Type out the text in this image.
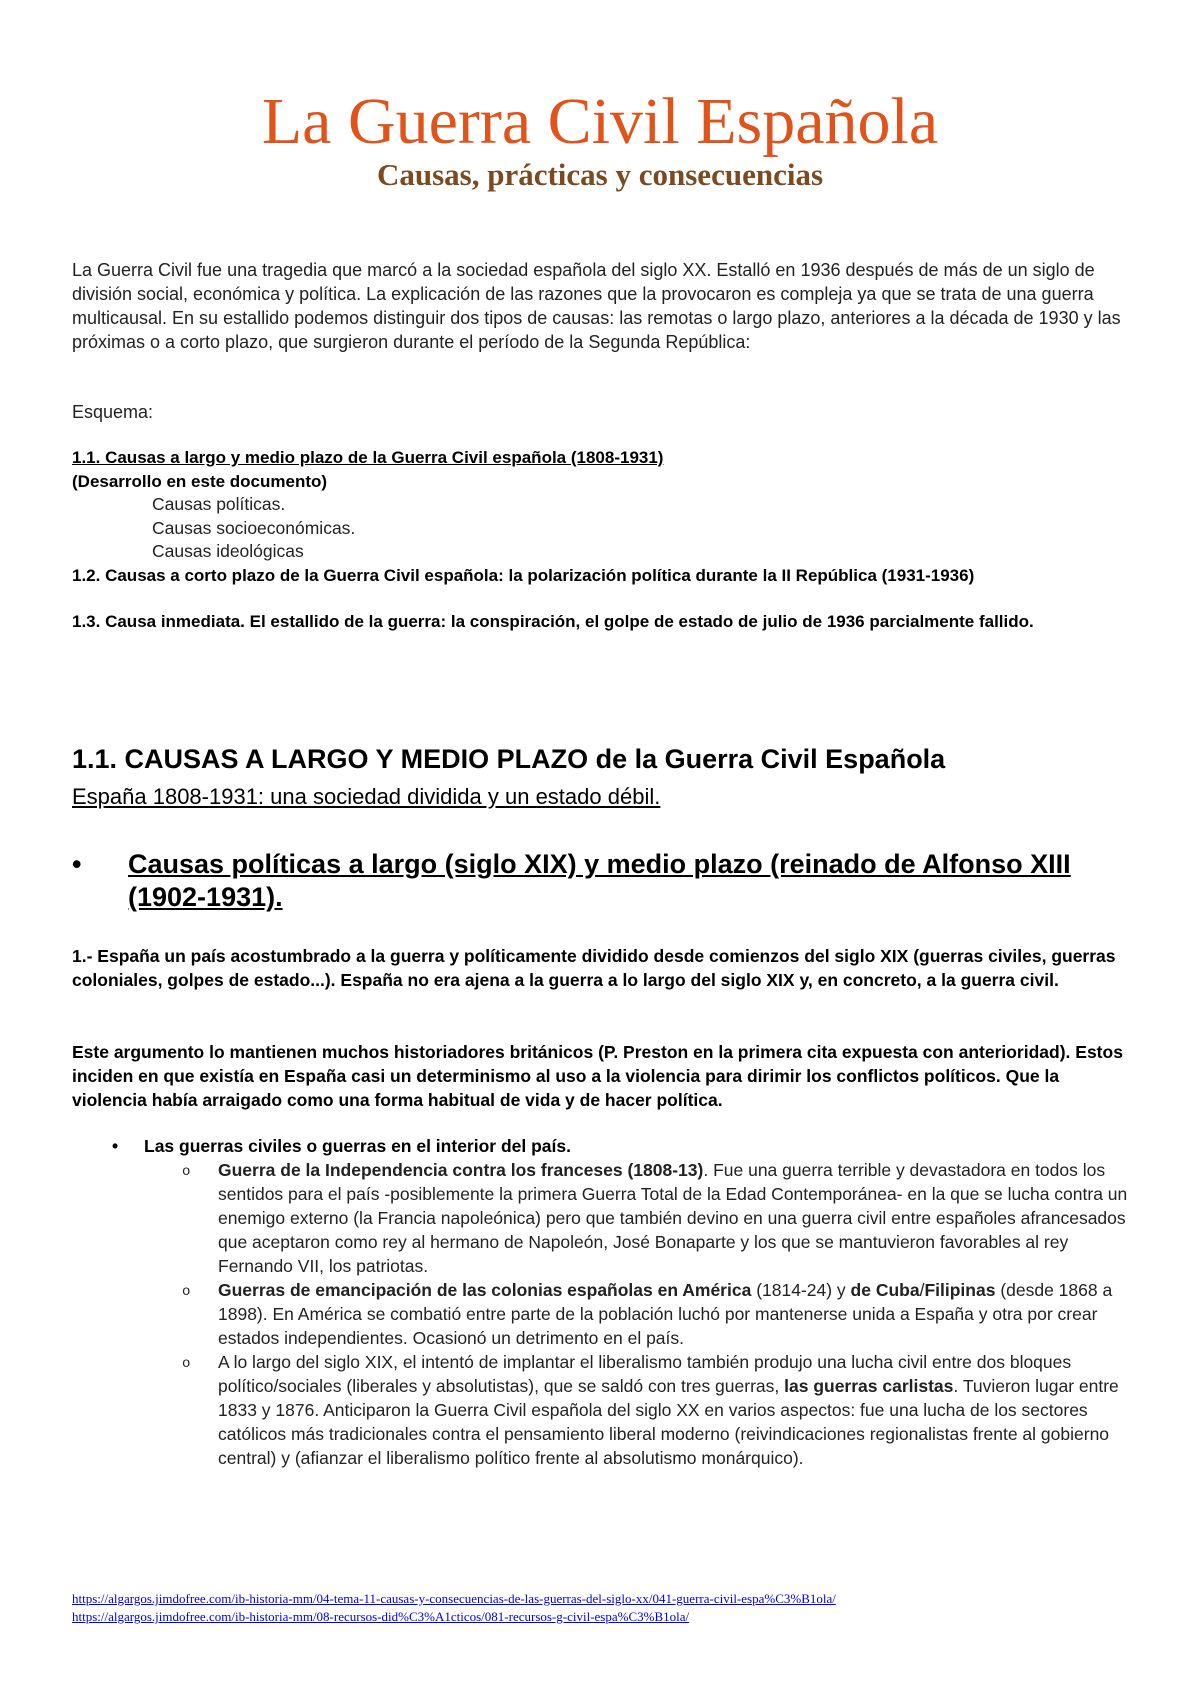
La Guerra Civil Española
Causas, prácticas y consecuencias
La Guerra Civil fue una tragedia que marcó a la sociedad española del siglo XX. Estalló en 1936 después de más de un siglo de división social, económica y política. La explicación de las razones que la provocaron es compleja ya que se trata de una guerra multicausal. En su estallido podemos distinguir dos tipos de causas: las remotas o largo plazo, anteriores a la década de 1930 y las próximas o a corto plazo, que surgieron durante el período de la Segunda República:
Esquema:
1.1. Causas a largo y medio plazo de la Guerra Civil española (1808-1931)
(Desarrollo en este documento)
Causas políticas.
Causas socioeconómicas.
Causas ideológicas
1.2. Causas a corto plazo de la Guerra Civil española: la polarización política durante la II República (1931-1936)
1.3. Causa inmediata. El estallido de la guerra: la conspiración, el golpe de estado de julio de 1936 parcialmente fallido.
1.1. CAUSAS A LARGO Y MEDIO PLAZO de la Guerra Civil Española
España 1808-1931: una sociedad dividida y un estado débil.
• Causas políticas a largo (siglo XIX) y medio plazo (reinado de Alfonso XIII (1902-1931).
1.- España un país acostumbrado a la guerra y políticamente dividido desde comienzos del siglo XIX (guerras civiles, guerras coloniales, golpes de estado...). España no era ajena a la guerra a lo largo del siglo XIX y, en concreto, a la guerra civil.
Este argumento lo mantienen muchos historiadores británicos (P. Preston en la primera cita expuesta con anterioridad). Estos inciden en que existía en España casi un determinismo al uso a la violencia para dirimir los conflictos políticos. Que la violencia había arraigado como una forma habitual de vida y de hacer política.
• Las guerras civiles o guerras en el interior del país.
o Guerra de la Independencia contra los franceses (1808-13). Fue una guerra terrible y devastadora en todos los sentidos para el país -posiblemente la primera Guerra Total de la Edad Contemporánea- en la que se lucha contra un enemigo externo (la Francia napoleónica) pero que también devino en una guerra civil entre españoles afrancesados que aceptaron como rey al hermano de Napoleón, José Bonaparte y los que se mantuvieron favorables al rey Fernando VII, los patriotas.
o Guerras de emancipación de las colonias españolas en América (1814-24) y de Cuba/Filipinas (desde 1868 a 1898). En América se combatió entre parte de la población luchó por mantenerse unida a España y otra por crear estados independientes. Ocasionó un detrimento en el país.
o A lo largo del siglo XIX, el intentó de implantar el liberalismo también produjo una lucha civil entre dos bloques político/sociales (liberales y absolutistas), que se saldó con tres guerras, las guerras carlistas. Tuvieron lugar entre 1833 y 1876. Anticiparon la Guerra Civil española del siglo XX en varios aspectos: fue una lucha de los sectores católicos más tradicionales contra el pensamiento liberal moderno (reivindicaciones regionalistas frente al gobierno central) y (afianzar el liberalismo político frente al absolutismo monárquico).
https://algargos.jimdofree.com/ib-historia-mm/04-tema-11-causas-y-consecuencias-de-las-guerras-del-siglo-xx/041-guerra-civil-espa%C3%B1ola/
https://algargos.jimdofree.com/ib-historia-mm/08-recursos-did%C3%A1cticos/081-recursos-g-civil-espa%C3%B1ola/
